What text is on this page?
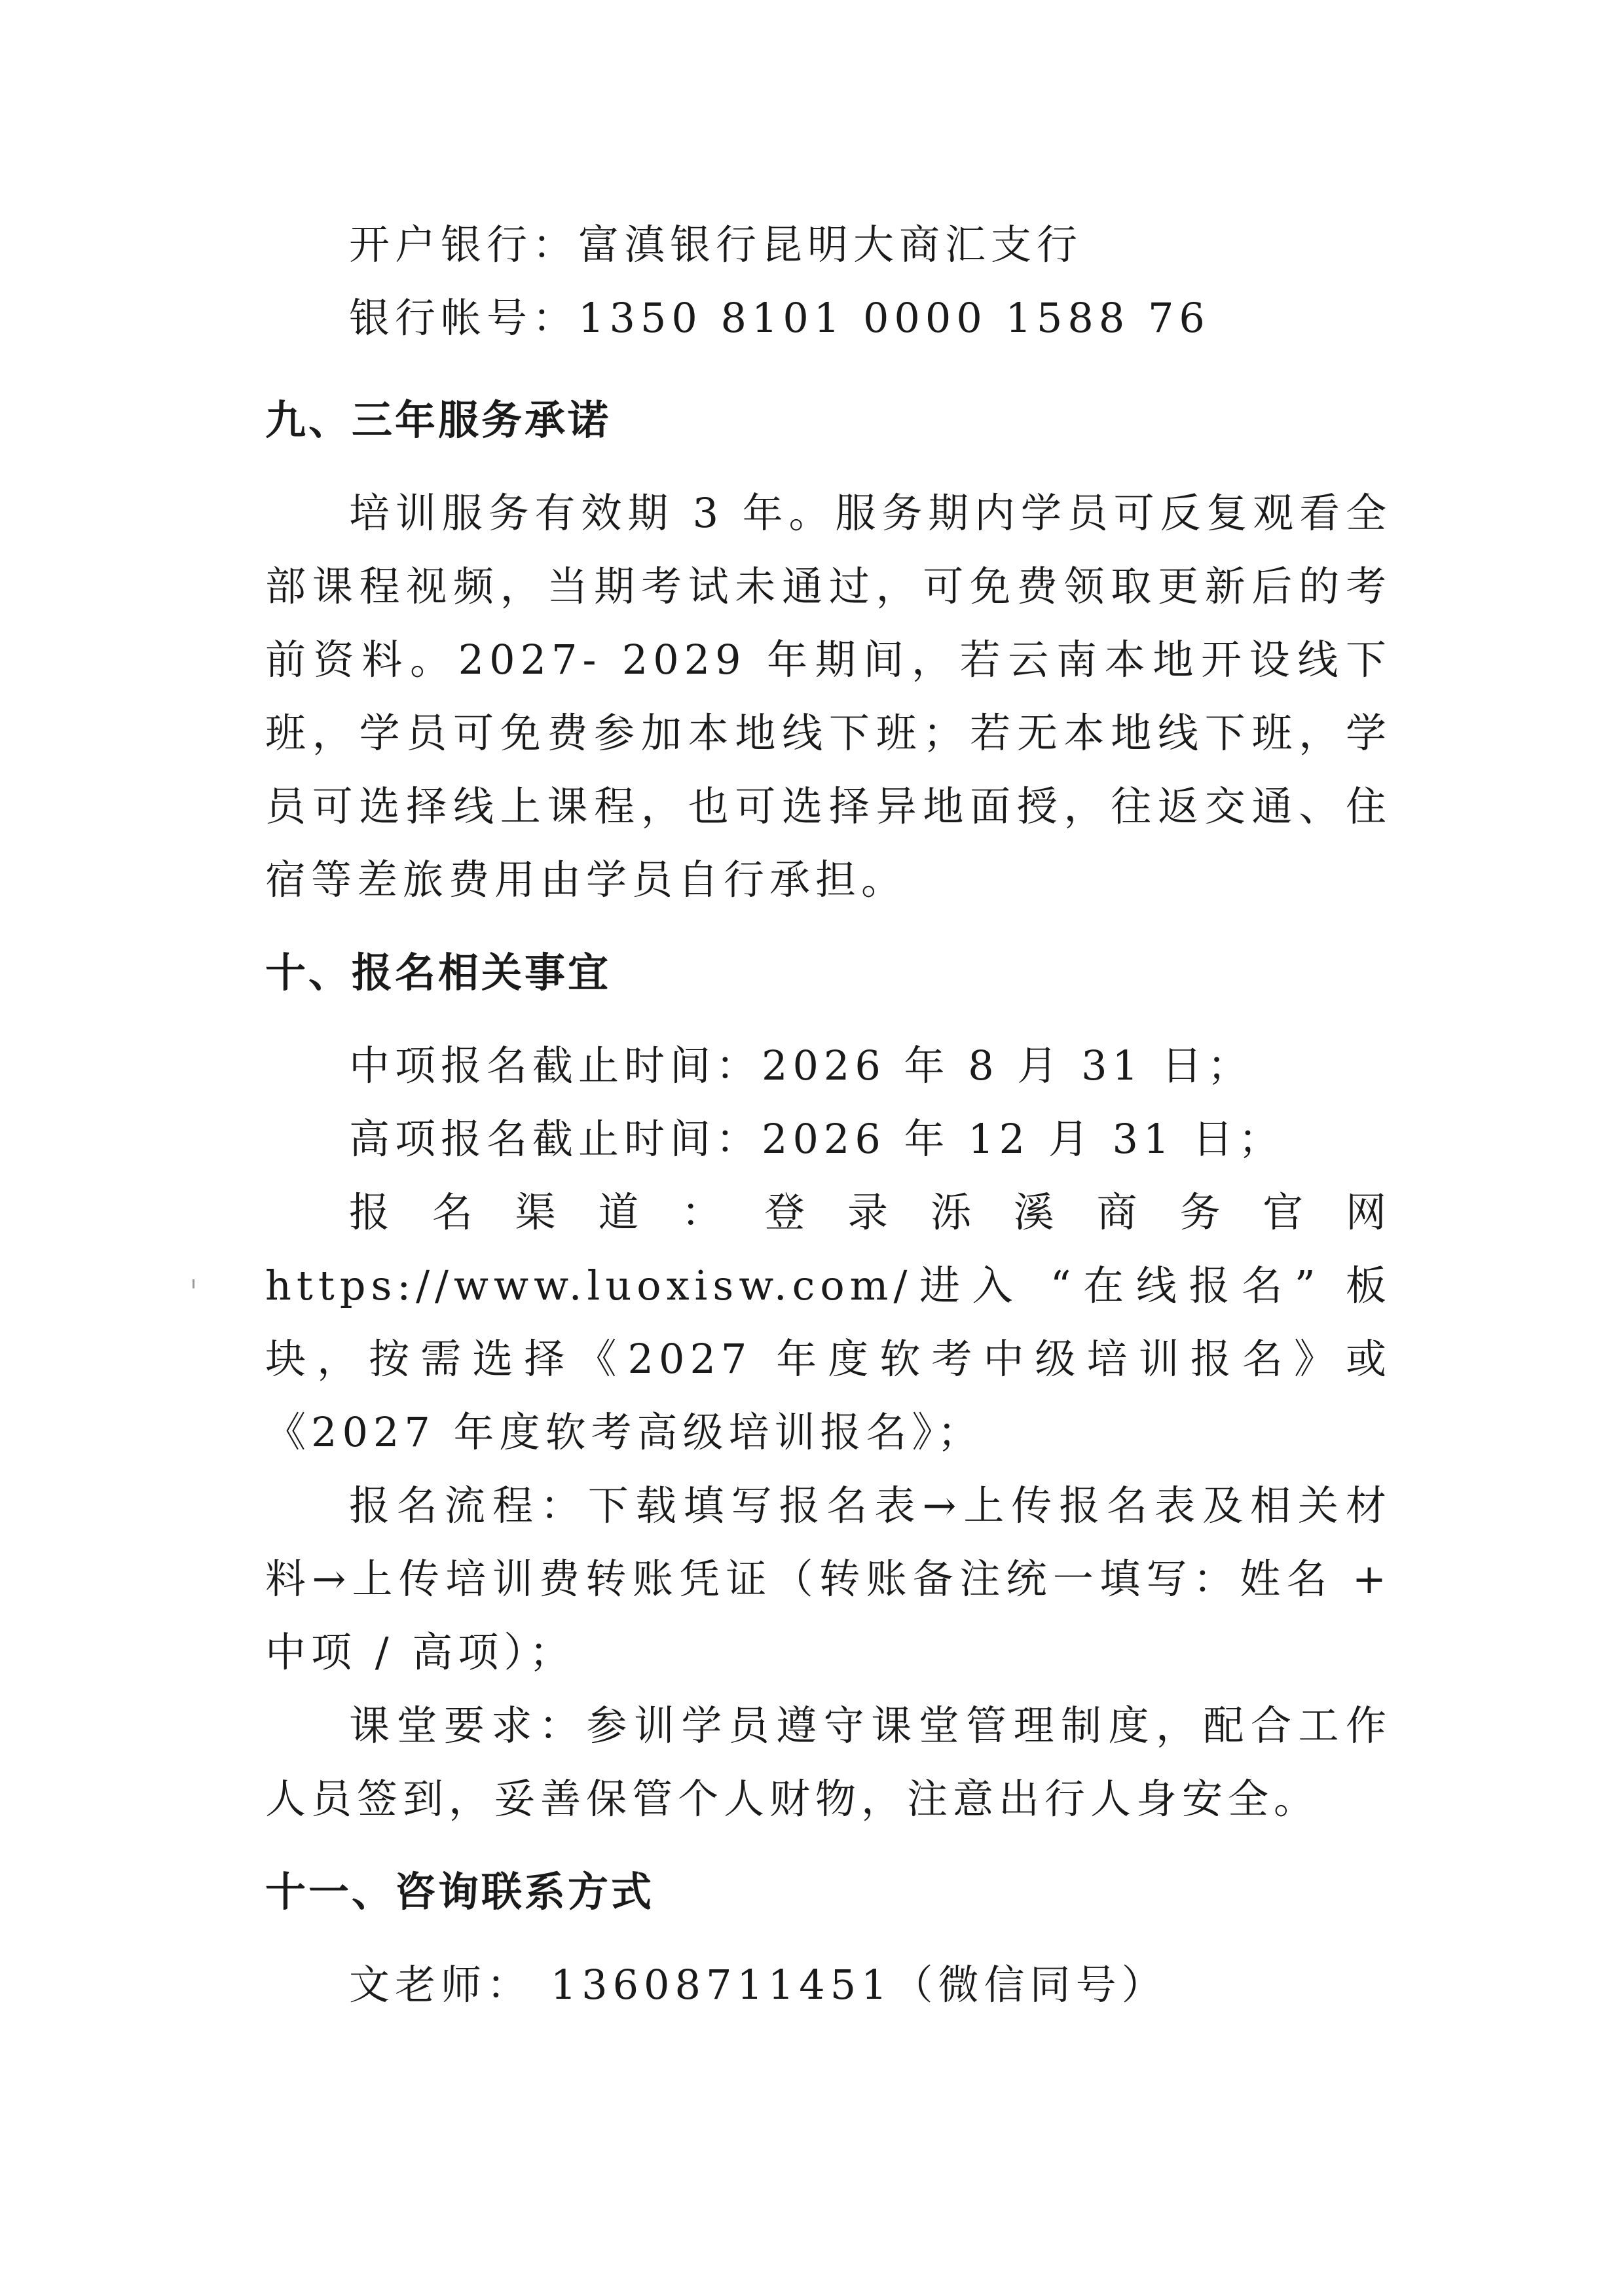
开户银行：富滇银行昆明大商汇支行
银行帐号：1350 8101 0000 1588 76
九、三年服务承诺
培训服务有效期 3 年。服务期内学员可反复观看全部课程视频，当期考试未通过，可免费领取更新后的考前资料。2027- 2029 年期间，若云南本地开设线下班，学员可免费参加本地线下班；若无本地线下班，学员可选择线上课程，也可选择异地面授，往返交通、住宿等差旅费用由学员自行承担。
十、报名相关事宜
中项报名截止时间：2026 年 8 月 31 日；
高项报名截止时间：2026 年 12 月 31 日；
报名渠道：登录泺溪商务官网 https://www.luoxisw.com/进入 “在线报名” 板块，按需选择《2027 年度软考中级培训报名》或《2027 年度软考高级培训报名》；
报名流程：下载填写报名表→上传报名表及相关材料→上传培训费转账凭证（转账备注统一填写：姓名 + 中项 / 高项）；
课堂要求：参训学员遵守课堂管理制度，配合工作人员签到，妥善保管个人财物，注意出行人身安全。
十一、咨询联系方式
文老师： 13608711451（微信同号）
